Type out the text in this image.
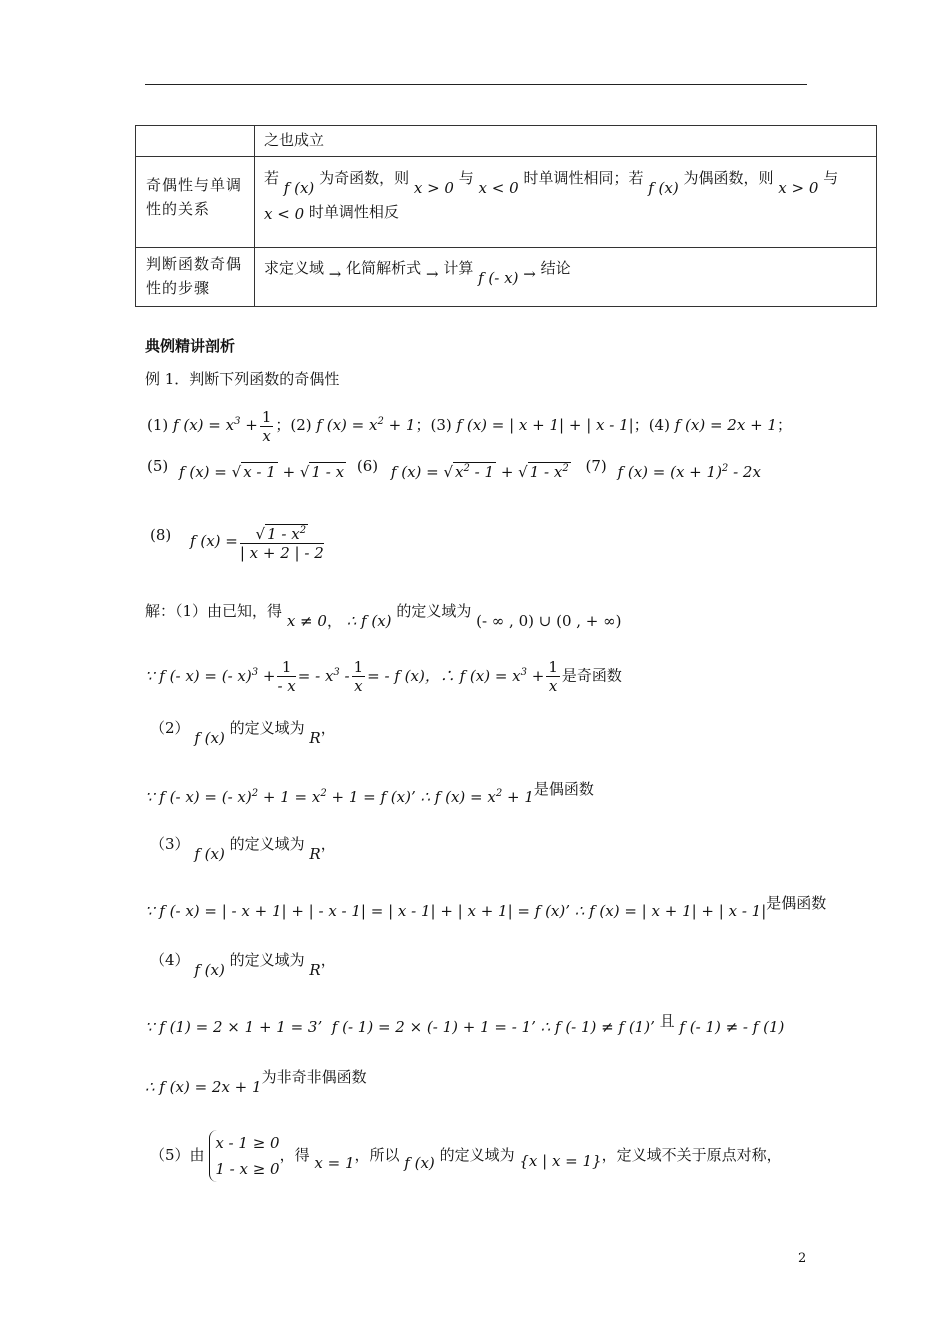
	之也成立
奇偶性与单调性的关系	若 f (x) 为奇函数，则 x > 0 与 x < 0 时单调性相同；若 f (x) 为偶函数，则 x > 0 与
x < 0 时单调性相反
判断函数奇偶性的步骤	求定义域 → 化简解析式 → 计算 f (- x) → 结论
典例精讲剖析
例 1．判断下列函数的奇偶性
(1) f $(x) = x^3 + \frac{1}{x}$ ；(2) f $(x) = x^2 + 1$；(3) f (x) = | x + 1| + | x - 1|；(4) f (x) = 2x + 1；
(5) f (x) = √ x - 1 + √ 1 - x (6) f (x) = √ $x^2 - 1$ + √ $1 - x^2$ (7) f $(x) = (x + 1)^2 - 2x$
(8) f $(x) = \frac{√ 1 - x^2}{| x + 2 | - 2}$
解：（1）由已知，得 x ≠ 0， ∴ f (x) 的定义域为 (- ∞ , 0) ∪ (0 , + ∞)
∵ f (- x) = (- $x)^3 + \frac{1}{- x}$ = - $x^3 - \frac{1}{x}$ = - f (x)，∴ f $(x) = x^3 + \frac{1}{x}$ 是奇函数
（2） f (x) 的定义域为 R，
∵ f (- x) = (- $x)^2 + 1 = x^2 + 1 = f$ (x)’ ∴ f $(x) = x^2 + 1$是偶函数
（3） f (x) 的定义域为 R，
∵ f (- x) = | - x + 1| + | - x - 1| = | x - 1| + | x + 1| = f (x)’ ∴ f (x) = | x + 1| + | x - 1|是偶函数
（4） f (x) 的定义域为 R，
∵ f (1) = 2 × 1 + 1 = 3’  f (- 1) = 2 × (- 1) + 1 = - 1’ ∴ f (- 1) ≠ f (1)’ 且 f (- 1) ≠ - f (1)
∴ f (x) = 2x + 1为非奇非偶函数
（5）由 x - 1 ≥ 0
1 - x ≥ 0，得 x = 1，所以 f (x) 的定义域为 {x | x = 1}，定义域不关于原点对称，
2
